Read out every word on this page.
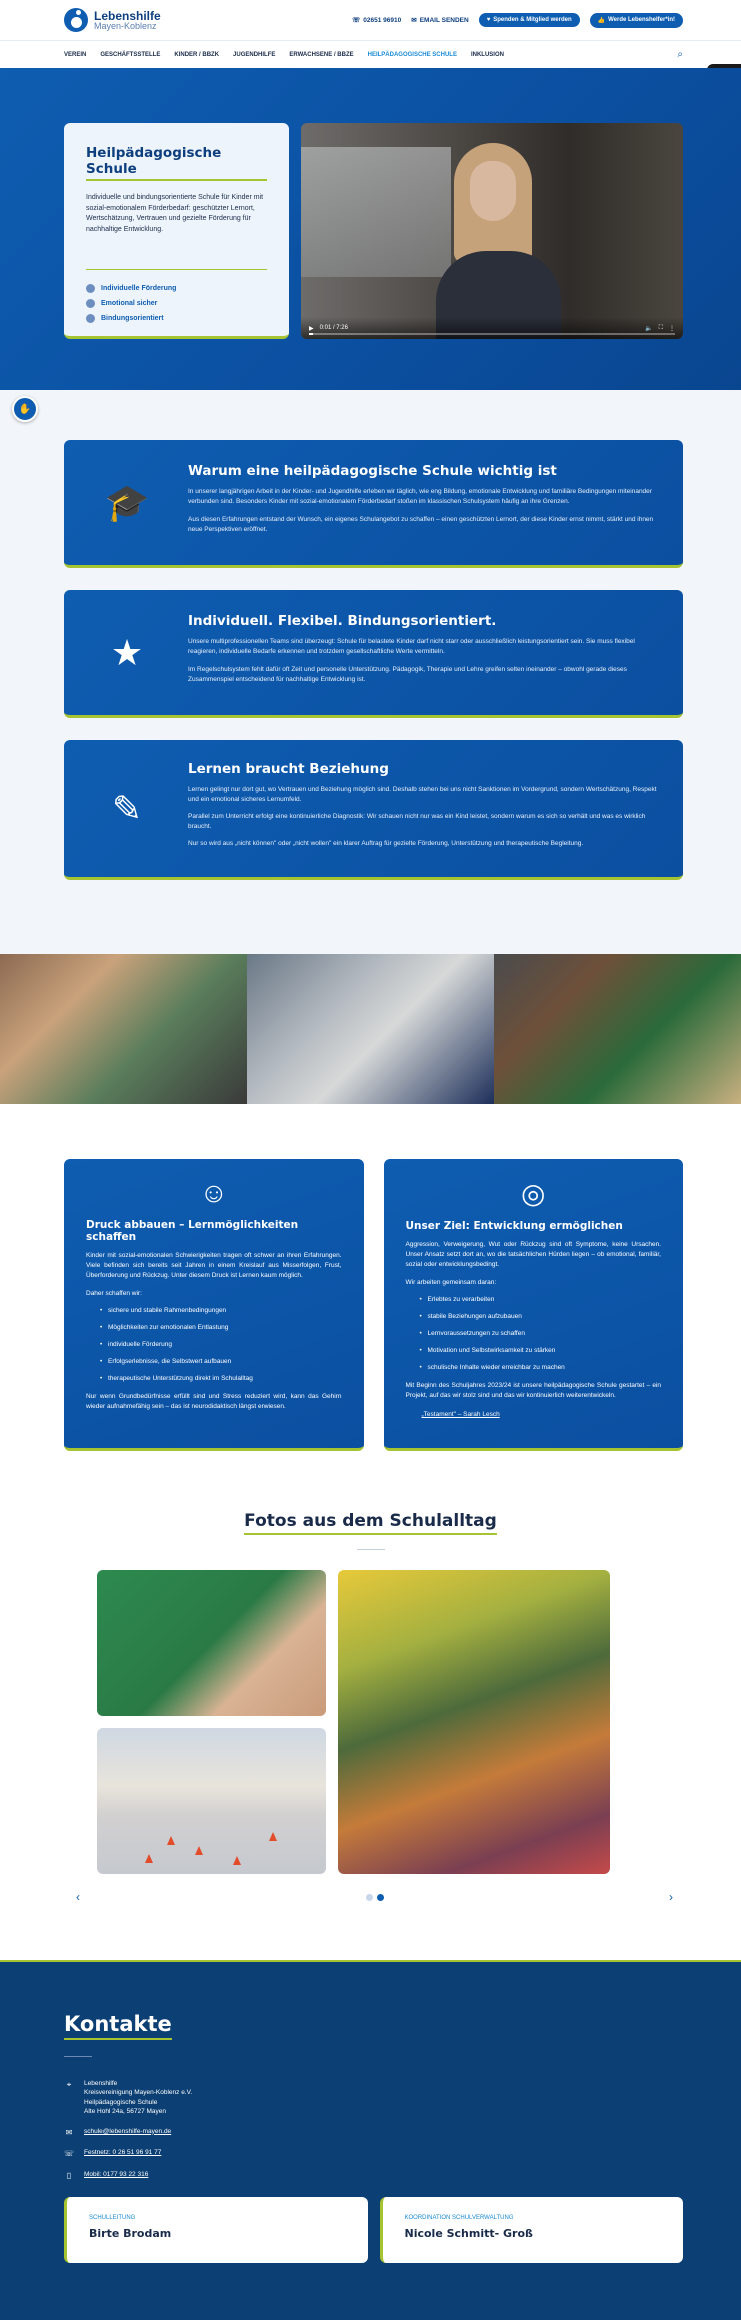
Lebenshilfe
Mayen-Koblenz	☏ 02651 96910 ✉ EMAIL SENDEN	♥ Spenden & Mitglied werden	👍 Werde Lebenshelfer*in!
VEREIN GESCHÄFTSSTELLE KINDER / BBZK JUGENDHILFE ERWACHSENE / BBZE HEILPÄDAGOGISCHE SCHULE INKLUSION	⌕
Heilpädagogische Schule

Individuelle und bindungsorientierte Schule für Kinder mit sozial-emotionalem Förderbedarf: geschützter Lernort, Wertschätzung, Vertrauen und gezielte Förderung für nachhaltige Entwicklung.

Individuelle Förderung
Emotional sicher
Bindungsorientiert
▶ 0:01 / 7:26	🔈 ⛶ ⋮
✋
🎓
Warum eine heilpädagogische Schule wichtig ist

In unserer langjährigen Arbeit in der Kinder- und Jugendhilfe erleben wir täglich, wie eng Bildung, emotionale Entwicklung und familiäre Bedingungen miteinander verbunden sind. Besonders Kinder mit sozial-emotionalem Förderbedarf stoßen im klassischen Schulsystem häufig an ihre Grenzen.

Aus diesen Erfahrungen entstand der Wunsch, ein eigenes Schulangebot zu schaffen – einen geschützten Lernort, der diese Kinder ernst nimmt, stärkt und ihnen neue Perspektiven eröffnet.

★
Individuell. Flexibel. Bindungsorientiert.

Unsere multiprofessionellen Teams sind überzeugt: Schule für belastete Kinder darf nicht starr oder ausschließlich leistungsorientiert sein. Sie muss flexibel reagieren, individuelle Bedarfe erkennen und trotzdem gesellschaftliche Werte vermitteln.

Im Regelschulsystem fehlt dafür oft Zeit und personelle Unterstützung. Pädagogik, Therapie und Lehre greifen selten ineinander – obwohl gerade dieses Zusammenspiel entscheidend für nachhaltige Entwicklung ist.

✎
Lernen braucht Beziehung

Lernen gelingt nur dort gut, wo Vertrauen und Beziehung möglich sind. Deshalb stehen bei uns nicht Sanktionen im Vordergrund, sondern Wertschätzung, Respekt und ein emotional sicheres Lernumfeld.

Parallel zum Unterricht erfolgt eine kontinuierliche Diagnostik: Wir schauen nicht nur was ein Kind leistet, sondern warum es sich so verhält und was es wirklich braucht.

Nur so wird aus „nicht können" oder „nicht wollen" ein klarer Auftrag für gezielte Förderung, Unterstützung und therapeutische Begleitung.

☺
Druck abbauen – Lernmöglichkeiten schaffen

Kinder mit sozial-emotionalen Schwierigkeiten tragen oft schwer an ihren Erfahrungen. Viele befinden sich bereits seit Jahren in einem Kreislauf aus Misserfolgen, Frust, Überforderung und Rückzug. Unter diesem Druck ist Lernen kaum möglich.

Daher schaffen wir:

• sichere und stabile Rahmenbedingungen
• Möglichkeiten zur emotionalen Entlastung
• individuelle Förderung
• Erfolgserlebnisse, die Selbstwert aufbauen
• therapeutische Unterstützung direkt im Schulalltag

Nur wenn Grundbedürfnisse erfüllt sind und Stress reduziert wird, kann das Gehirn wieder aufnahmefähig sein – das ist neurodidaktisch längst erwiesen.

◎
Unser Ziel: Entwicklung ermöglichen

Aggression, Verweigerung, Wut oder Rückzug sind oft Symptome, keine Ursachen. Unser Ansatz setzt dort an, wo die tatsächlichen Hürden liegen – ob emotional, familiär, sozial oder entwicklungsbedingt.

Wir arbeiten gemeinsam daran:

• Erlebtes zu verarbeiten
• stabile Beziehungen aufzubauen
• Lernvoraussetzungen zu schaffen
• Motivation und Selbstwirksamkeit zu stärken
• schulische Inhalte wieder erreichbar zu machen

Mit Beginn des Schuljahres 2023/24 ist unsere heilpädagogische Schule gestartet – ein Projekt, auf das wir stolz sind und das wir kontinuierlich weiterentwickeln.

„Testament" – Sarah Lesch
Fotos aus dem Schulalltag
‹	›
Kontakte
⌖	Lebenshilfe
Kreisvereinigung Mayen-Koblenz e.V.
Heilpädagogische Schule
Alte Hohl 24a, 56727 Mayen
✉ schule@lebenshilfe-mayen.de
☏ Festnetz: 0 26 51 96 91 77
▯	Mobil: 0177 93 22 316
SCHULLEITUNG
Birte Brodam
KOORDINATION SCHULVERWALTUNG
Nicole Schmitt- Groß
